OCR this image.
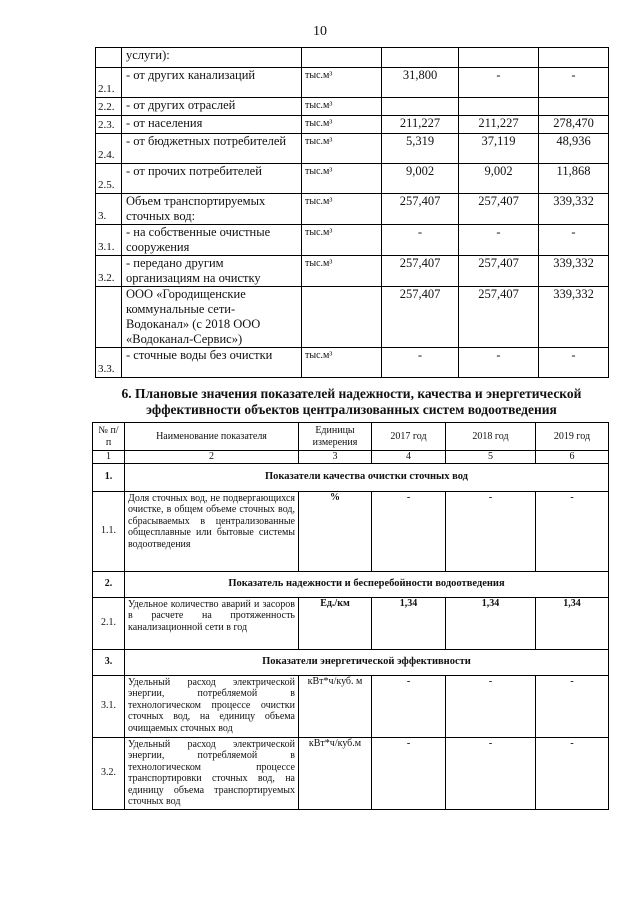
10
	услуги):				
2.1.	- от других канализаций	тыс.м³	31,800	-	-
2.2.	- от других отраслей	тыс.м³			
2.3.	- от населения	тыс.м³	211,227	211,227	278,470
2.4.	- от бюджетных потребителей	тыс.м³	5,319	37,119	48,936
2.5.	- от прочих потребителей	тыс.м³	9,002	9,002	11,868
3.	Объем транспортируемых сточных вод:	тыс.м³	257,407	257,407	339,332
3.1.	- на собственные очистные сооружения	тыс.м³	-	-	-
3.2.	- передано другим организациям на очистку	тыс.м³	257,407	257,407	339,332
	ООО «Городищенские коммунальные сети-Водоканал» (с 2018 ООО «Водоканал-Сервис»)		257,407	257,407	339,332
3.3.	- сточные воды без очистки	тыс.м³	-	-	-
6. Плановые значения показателей надежности, качества и энергетической эффективности объектов централизованных систем водоотведения
№ п/п	Наименование показателя	Единицы измерения	2017 год	2018 год	2019 год
1	2	3	4	5	6
1.	Показатели качества очистки сточных вод				
1.1.	Доля сточных вод, не подвергающихся очистке, в общем объеме сточных вод, сбрасываемых в централизованные общесплавные или бытовые системы водоотведения	%	-	-	-
2.	Показатель надежности и бесперебойности водоотведения				
2.1.	Удельное количество аварий и засоров в расчете на протяженность канализационной сети в год	Ед./км	1,34	1,34	1,34
3.	Показатели энергетической эффективности				
3.1.	Удельный расход электрической энергии, потребляемой в технологическом процессе очистки сточных вод, на единицу объема очищаемых сточных вод	кВт*ч/куб. м	-	-	-
3.2.	Удельный расход электрической энергии, потребляемой в технологическом процессе транспортировки сточных вод, на единицу объема транспортируемых сточных вод	кВт*ч/куб.м	-	-	-
